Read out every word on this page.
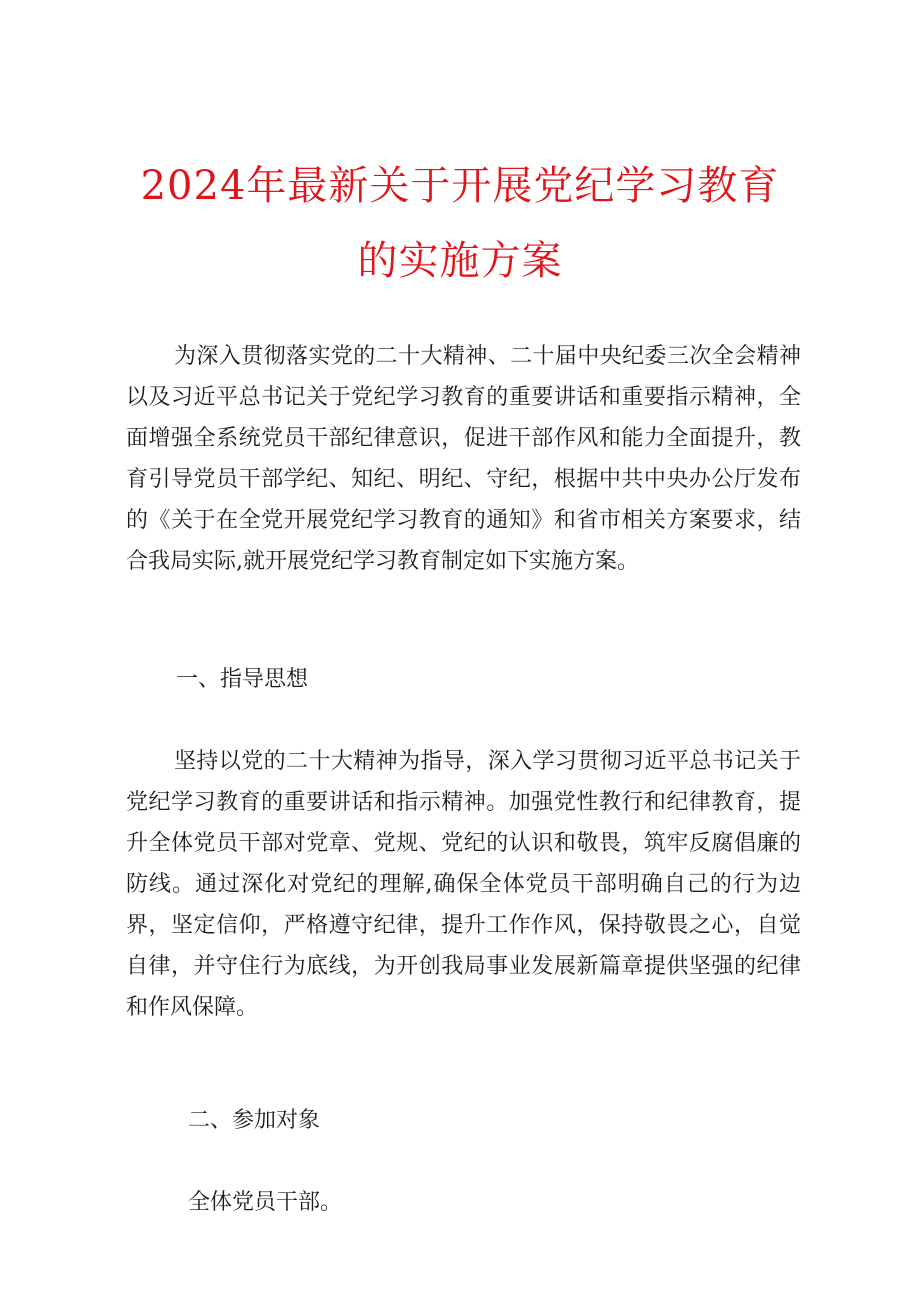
2024年最新关于开展党纪学习教育
的实施方案

为深入贯彻落实党的二十大精神、二十届中央纪委三次全会精神以及习近平总书记关于党纪学习教育的重要讲话和重要指示精神，全面增强全系统党员干部纪律意识，促进干部作风和能力全面提升，教育引导党员干部学纪、知纪、明纪、守纪，根据中共中央办公厅发布的《关于在全党开展党纪学习教育的通知》和省市相关方案要求，结合我局实际,就开展党纪学习教育制定如下实施方案。

一、指导思想

坚持以党的二十大精神为指导，深入学习贯彻习近平总书记关于党纪学习教育的重要讲话和指示精神。加强党性教行和纪律教育，提升全体党员干部对党章、党规、党纪的认识和敬畏，筑牢反腐倡廉的防线。通过深化对党纪的理解,确保全体党员干部明确自己的行为边界，坚定信仰，严格遵守纪律，提升工作作风，保持敬畏之心，自觉自律，并守住行为底线，为开创我局事业发展新篇章提供坚强的纪律和作风保障。

二、参加对象

全体党员干部。
